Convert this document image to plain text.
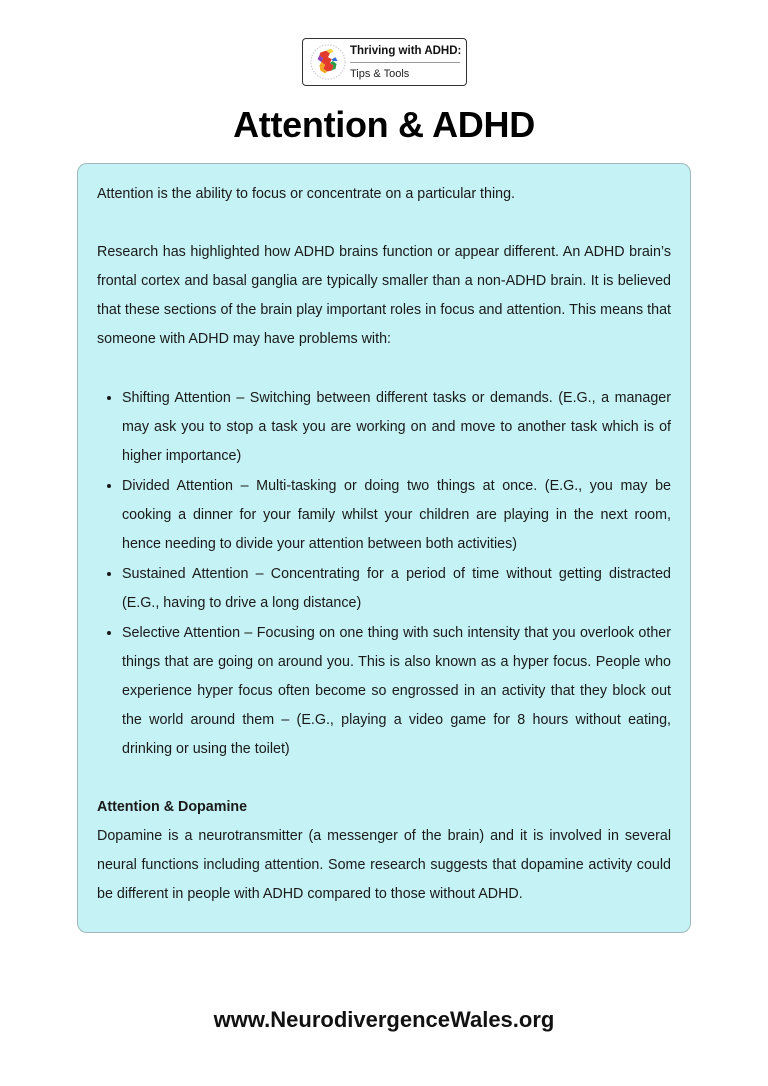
Thriving with ADHD:
Tips & Tools
Attention & ADHD

Attention is the ability to focus or concentrate on a particular thing.

Research has highlighted how ADHD brains function or appear different. An ADHD brain’s frontal cortex and basal ganglia are typically smaller than a non-ADHD brain. It is believed that these sections of the brain play important roles in focus and attention. This means that someone with ADHD may have problems with:

• Shifting Attention – Switching between different tasks or demands. (E.G., a manager may ask you to stop a task you are working on and move to another task which is of higher importance)
• Divided Attention – Multi-tasking or doing two things at once. (E.G., you may be cooking a dinner for your family whilst your children are playing in the next room, hence needing to divide your attention between both activities)
• Sustained Attention – Concentrating for a period of time without getting distracted (E.G., having to drive a long distance)
• Selective Attention – Focusing on one thing with such intensity that you overlook other things that are going on around you. This is also known as a hyper focus. People who experience hyper focus often become so engrossed in an activity that they block out the world around them – (E.G., playing a video game for 8 hours without eating, drinking or using the toilet)

Attention & Dopamine

Dopamine is a neurotransmitter (a messenger of the brain) and it is involved in several neural functions including attention. Some research suggests that dopamine activity could be different in people with ADHD compared to those without ADHD.

www.NeurodivergenceWales.org
